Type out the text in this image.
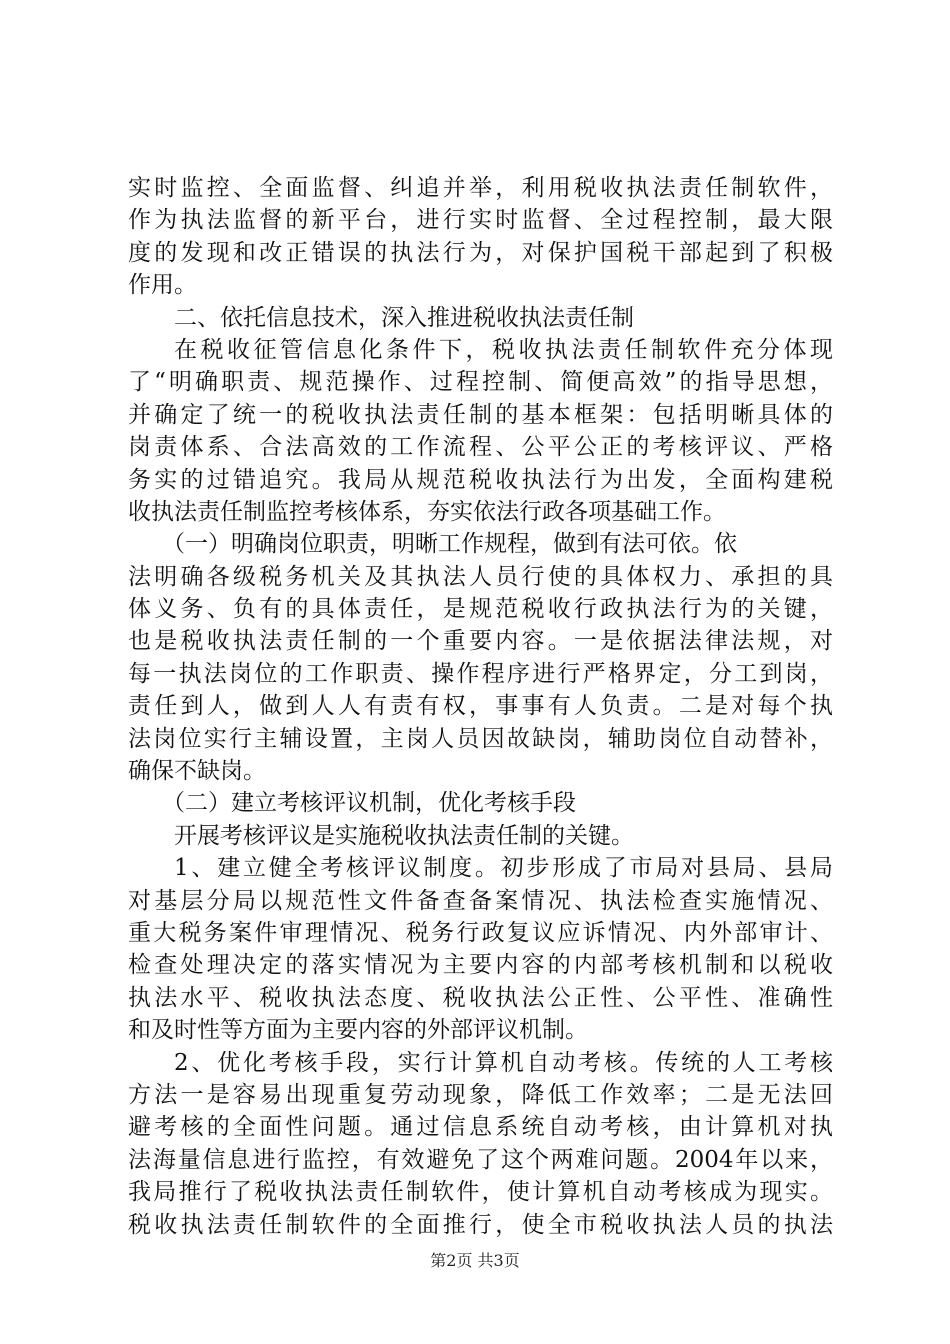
实时监控、全面监督、纠追并举，利用税收执法责任制软件，
作为执法监督的新平台，进行实时监督、全过程控制，最大限
度的发现和改正错误的执法行为，对保护国税干部起到了积极
作用。
二、依托信息技术，深入推进税收执法责任制
在税收征管信息化条件下，税收执法责任制软件充分体现
了“明确职责、规范操作、过程控制、简便高效”的指导思想，
并确定了统一的税收执法责任制的基本框架：包括明晰具体的
岗责体系、合法高效的工作流程、公平公正的考核评议、严格
务实的过错追究。我局从规范税收执法行为出发，全面构建税
收执法责任制监控考核体系，夯实依法行政各项基础工作。
（一）明确岗位职责，明晰工作规程，做到有法可依。依
法明确各级税务机关及其执法人员行使的具体权力、承担的具
体义务、负有的具体责任，是规范税收行政执法行为的关键，
也是税收执法责任制的一个重要内容。一是依据法律法规，对
每一执法岗位的工作职责、操作程序进行严格界定，分工到岗，
责任到人，做到人人有责有权，事事有人负责。二是对每个执
法岗位实行主辅设置，主岗人员因故缺岗，辅助岗位自动替补，
确保不缺岗。
（二）建立考核评议机制，优化考核手段
开展考核评议是实施税收执法责任制的关键。
1、建立健全考核评议制度。初步形成了市局对县局、县局
对基层分局以规范性文件备查备案情况、执法检查实施情况、
重大税务案件审理情况、税务行政复议应诉情况、内外部审计、
检查处理决定的落实情况为主要内容的内部考核机制和以税收
执法水平、税收执法态度、税收执法公正性、公平性、准确性
和及时性等方面为主要内容的外部评议机制。
2、优化考核手段，实行计算机自动考核。传统的人工考核
方法一是容易出现重复劳动现象，降低工作效率；二是无法回
避考核的全面性问题。通过信息系统自动考核，由计算机对执
法海量信息进行监控，有效避免了这个两难问题。2004年以来，
我局推行了税收执法责任制软件，使计算机自动考核成为现实。
税收执法责任制软件的全面推行，使全市税收执法人员的执法
第2页 共3页
